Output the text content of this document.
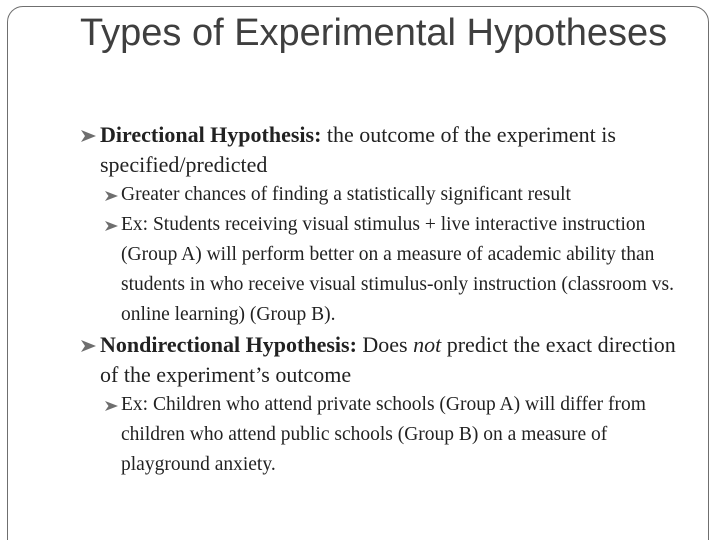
Types of Experimental Hypotheses

Directional Hypothesis: the outcome of the experiment is specified/predicted

Greater chances of finding a statistically significant result

Ex: Students receiving visual stimulus + live interactive instruction (Group A) will perform better on a measure of academic ability than students in who receive visual stimulus-only instruction (classroom vs. online learning) (Group B).

Nondirectional Hypothesis: Does not predict the exact direction of the experiment’s outcome

Ex: Children who attend private schools (Group A) will differ from children who attend public schools (Group B) on a measure of playground anxiety.
